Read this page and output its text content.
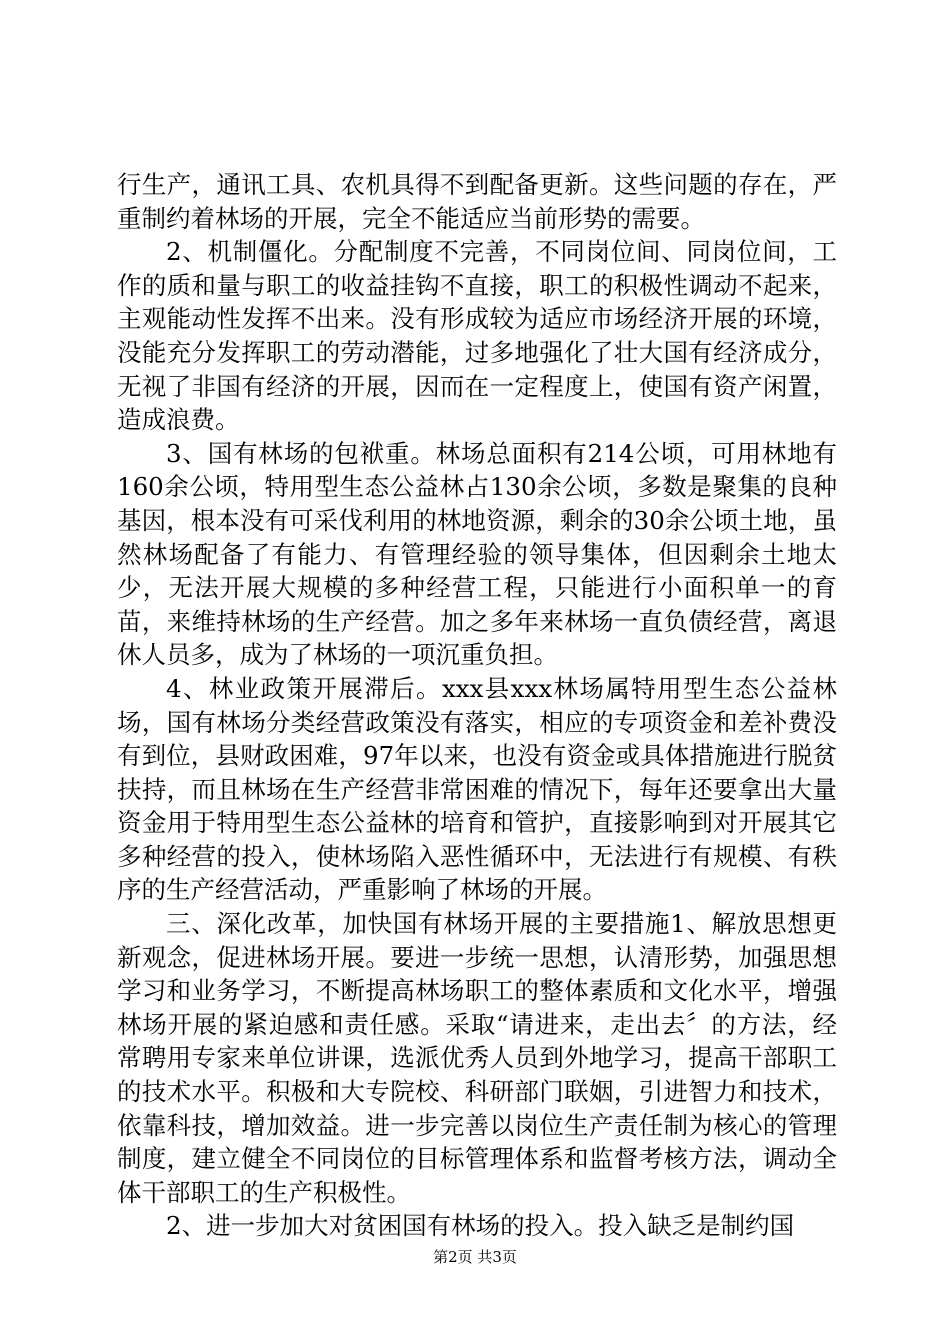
行生产，通讯工具、农机具得不到配备更新。这些问题的存在，严重制约着林场的开展，完全不能适应当前形势的需要。

2、机制僵化。分配制度不完善，不同岗位间、同岗位间，工作的质和量与职工的收益挂钩不直接，职工的积极性调动不起来，主观能动性发挥不出来。没有形成较为适应市场经济开展的环境，没能充分发挥职工的劳动潜能，过多地强化了壮大国有经济成分，无视了非国有经济的开展，因而在一定程度上，使国有资产闲置，造成浪费。

3、国有林场的包袱重。林场总面积有214公顷，可用林地有160余公顷，特用型生态公益林占130余公顷，多数是聚集的良种基因，根本没有可采伐利用的林地资源，剩余的30余公顷土地，虽然林场配备了有能力、有管理经验的领导集体，但因剩余土地太少，无法开展大规模的多种经营工程，只能进行小面积单一的育苗，来维持林场的生产经营。加之多年来林场一直负债经营，离退休人员多，成为了林场的一项沉重负担。

4、林业政策开展滞后。xxx县xxx林场属特用型生态公益林场，国有林场分类经营政策没有落实，相应的专项资金和差补费没有到位，县财政困难，97年以来，也没有资金或具体措施进行脱贫扶持，而且林场在生产经营非常困难的情况下，每年还要拿出大量资金用于特用型生态公益林的培育和管护，直接影响到对开展其它多种经营的投入，使林场陷入恶性循环中，无法进行有规模、有秩序的生产经营活动，严重影响了林场的开展。

三、深化改革，加快国有林场开展的主要措施1、解放思想更新观念，促进林场开展。要进一步统一思想，认清形势，加强思想学习和业务学习，不断提高林场职工的整体素质和文化水平，增强林场开展的紧迫感和责任感。采取“请进来，走出去〞的方法，经常聘用专家来单位讲课，选派优秀人员到外地学习，提高干部职工的技术水平。积极和大专院校、科研部门联姻，引进智力和技术，依靠科技，增加效益。进一步完善以岗位生产责任制为核心的管理制度，建立健全不同岗位的目标管理体系和监督考核方法，调动全体干部职工的生产积极性。

2、进一步加大对贫困国有林场的投入。投入缺乏是制约国

第2页 共3页
